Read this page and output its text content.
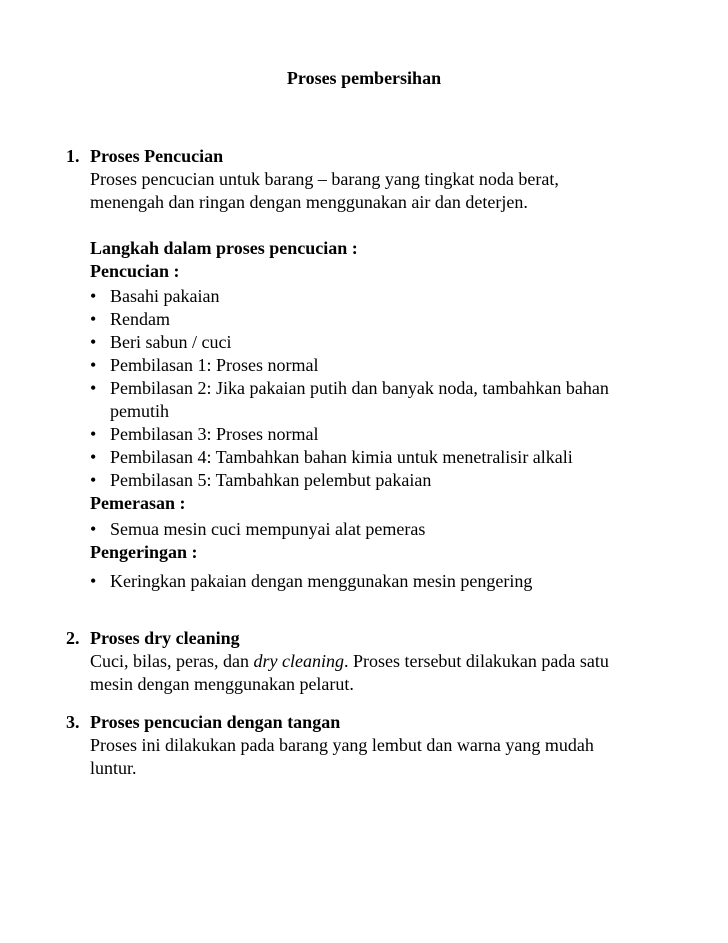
Proses pembersihan
1. Proses Pencucian
Proses pencucian untuk barang – barang yang tingkat noda berat,
menengah dan ringan dengan menggunakan air dan deterjen.
Langkah dalam proses pencucian :
Pencucian :
• Basahi pakaian
• Rendam
• Beri sabun / cuci
• Pembilasan 1: Proses normal
• Pembilasan 2: Jika pakaian putih dan banyak noda, tambahkan bahan pemutih
• Pembilasan 3: Proses normal
• Pembilasan 4: Tambahkan bahan kimia untuk menetralisir alkali
• Pembilasan 5: Tambahkan pelembut pakaian
Pemerasan :
• Semua mesin cuci mempunyai alat pemeras
Pengeringan :
• Keringkan pakaian dengan menggunakan mesin pengering
2. Proses dry cleaning
Cuci, bilas, peras, dan dry cleaning. Proses tersebut dilakukan pada satu
mesin dengan menggunakan pelarut.
3. Proses pencucian dengan tangan
Proses ini dilakukan pada barang yang lembut dan warna yang mudah
luntur.
